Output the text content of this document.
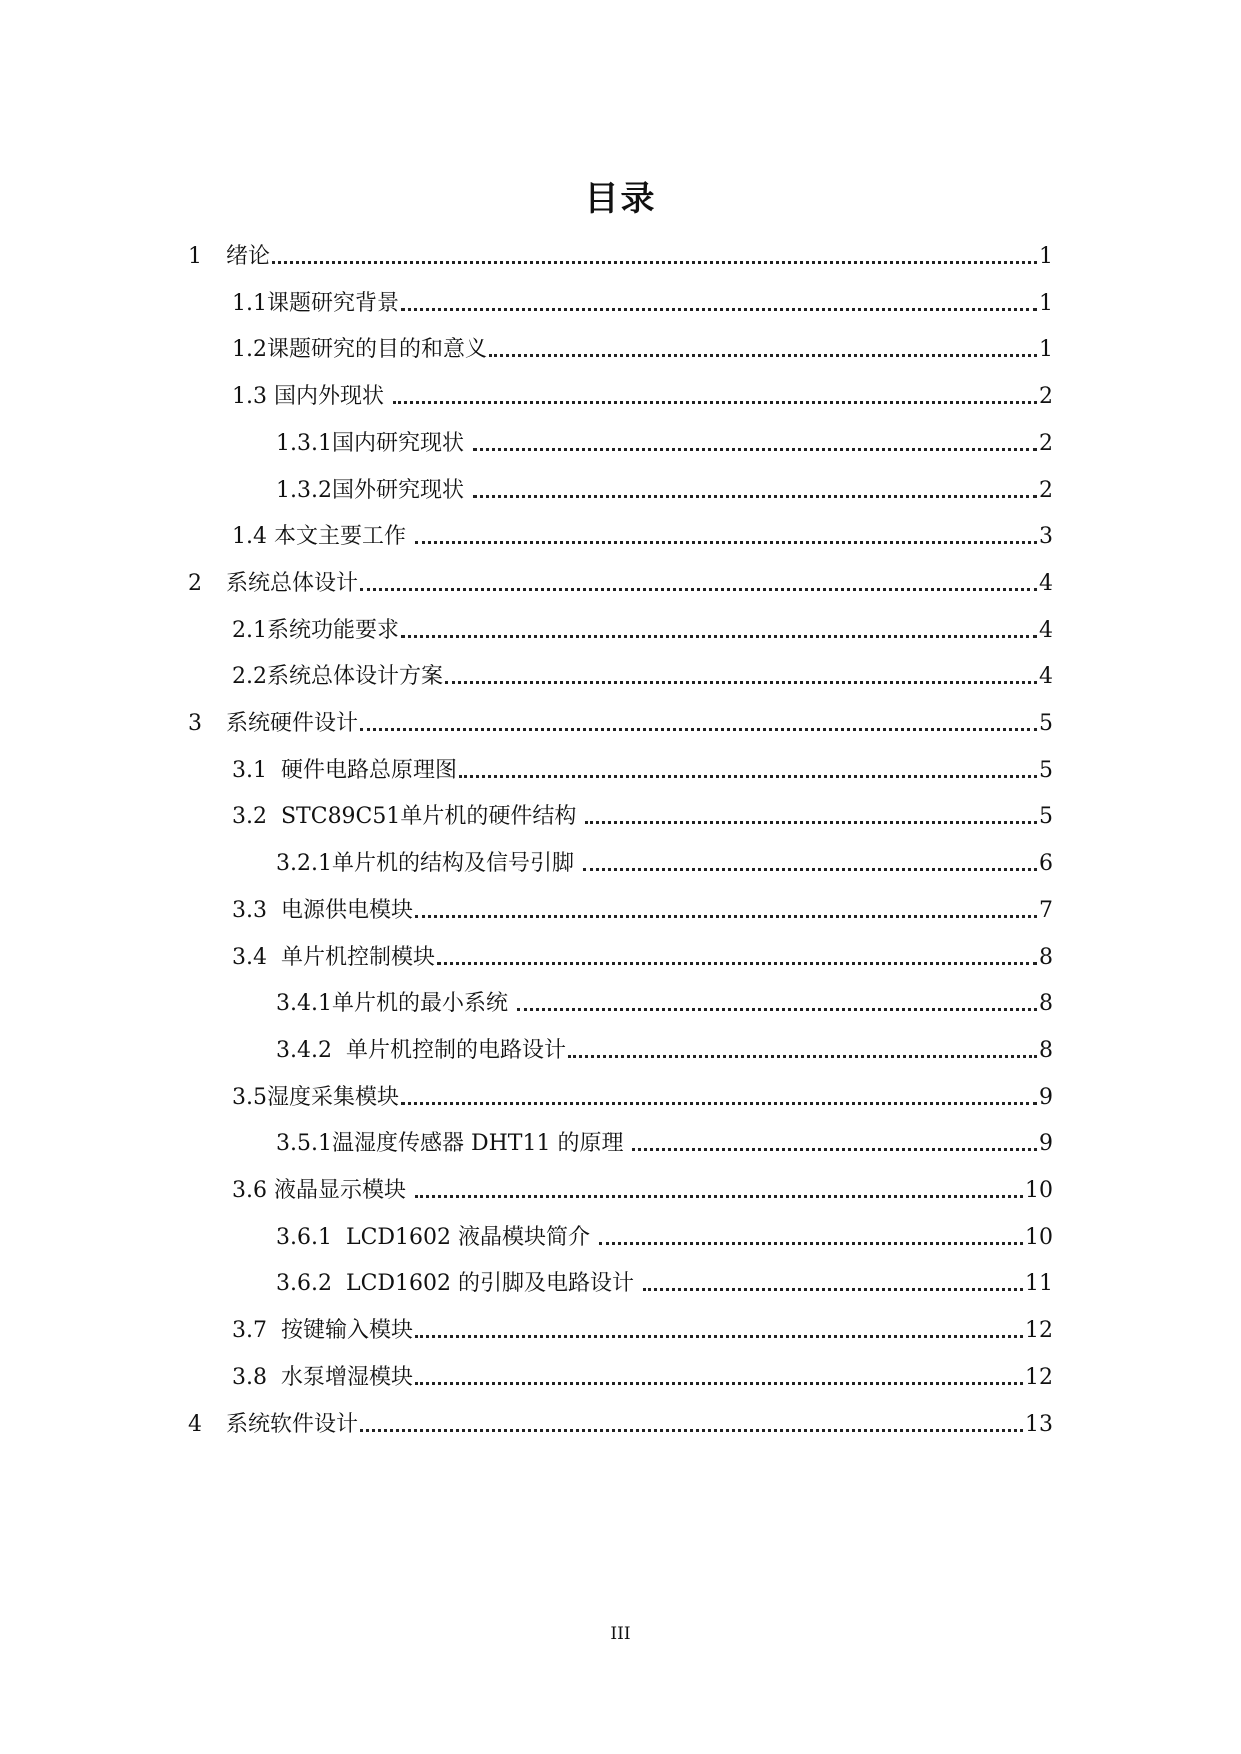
目录
1	绪论	1
1.1 课题研究背景	1
1.2 课题研究的目的和意义	1
1.3 国内外现状	2
1.3.1 国内研究现状	2
1.3.2 国外研究现状	2
1.4 本文主要工作	3
2	系统总体设计	4
2.1 系统功能要求	4
2.2 系统总体设计方案	4
3	系统硬件设计	5
3.1 硬件电路总原理图	5
3.2 STC89C51单片机的硬件结构	5
3.2.1 单片机的结构及信号引脚	6
3.3 电源供电模块	7
3.4 单片机控制模块	8
3.4.1 单片机的最小系统	8
3.4.2 单片机控制的电路设计	8
3.5 湿度采集模块	9
3.5.1 温湿度传感器 DHT11 的原理	9
3.6 液晶显示模块	10
3.6.1 LCD1602 液晶模块简介	10
3.6.2 LCD1602 的引脚及电路设计	11
3.7 按键输入模块	12
3.8 水泵增湿模块	12
4	系统软件设计	13
III
